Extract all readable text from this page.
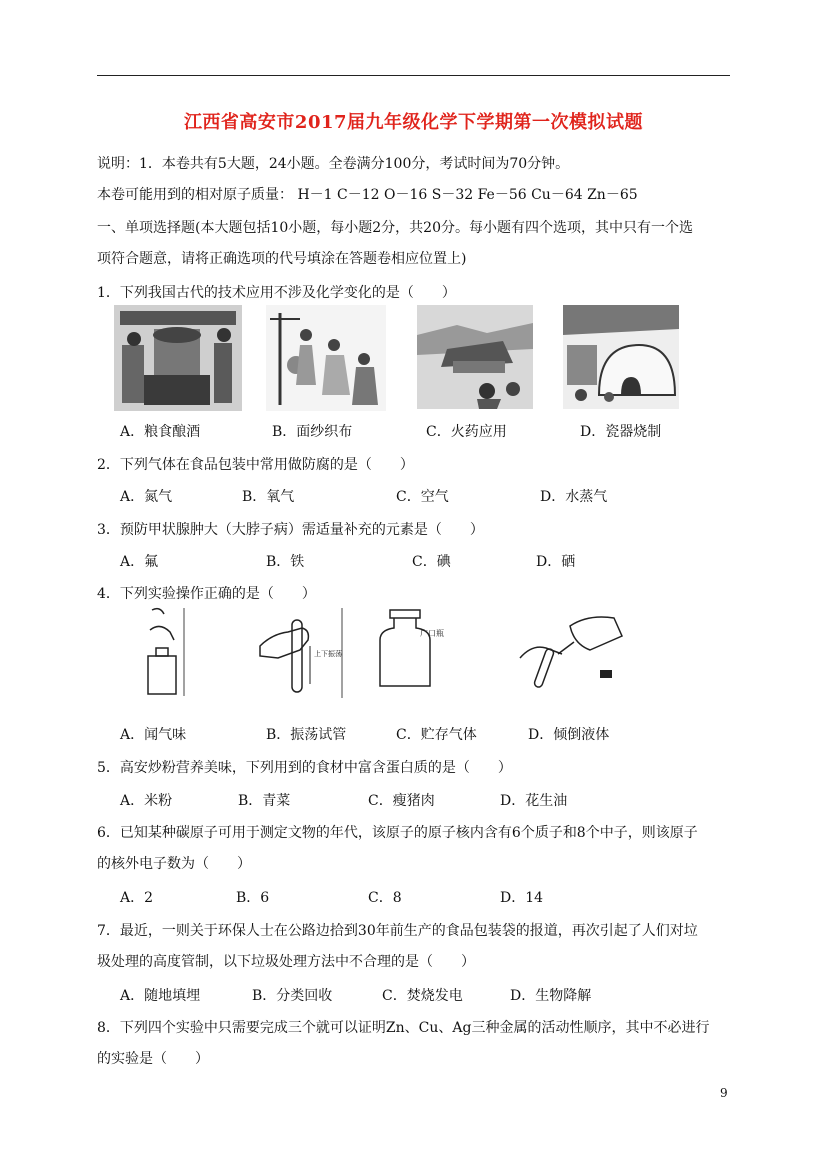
江西省高安市2017届九年级化学下学期第一次模拟试题
说明：1．本卷共有5大题，24小题。全卷满分100分，考试时间为70分钟。
本卷可能用到的相对原子质量： H－1 C－12 O－16 S－32 Fe－56 Cu－64 Zn－65
一、单项选择题(本大题包括10小题，每小题2分，共20分。每小题有四个选项，其中只有一个选
项符合题意，请将正确选项的代号填涂在答题卷相应位置上)
1．下列我国古代的技术应用不涉及化学变化的是（　　）
A．粮食酿酒	B．面纱织布	C．火药应用	D．瓷器烧制
2．下列气体在食品包装中常用做防腐的是（　　）
A．氮气	B．氧气	C．空气	D．水蒸气
3．预防甲状腺肿大（大脖子病）需适量补充的元素是（　　）
A．氟	B．铁	C．碘	D．硒
4．下列实验操作正确的是（　　）
上下振荡
广口瓶
A．闻气味	B．振荡试管	C．贮存气体	D．倾倒液体
5．高安炒粉营养美味，下列用到的食材中富含蛋白质的是（　　）
A．米粉	B．青菜	C．瘦猪肉	D．花生油
6．已知某种碳原子可用于测定文物的年代，该原子的原子核内含有6个质子和8个中子，则该原子
的核外电子数为（　　）
A．2	B．6	C．8	D．14
7．最近，一则关于环保人士在公路边拾到30年前生产的食品包装袋的报道，再次引起了人们对垃
圾处理的高度管制，以下垃圾处理方法中不合理的是（　　）
A．随地填埋	B．分类回收	C．焚烧发电	D．生物降解
8．下列四个实验中只需要完成三个就可以证明Zn、Cu、Ag三种金属的活动性顺序，其中不必进行
的实验是（　　）
9
